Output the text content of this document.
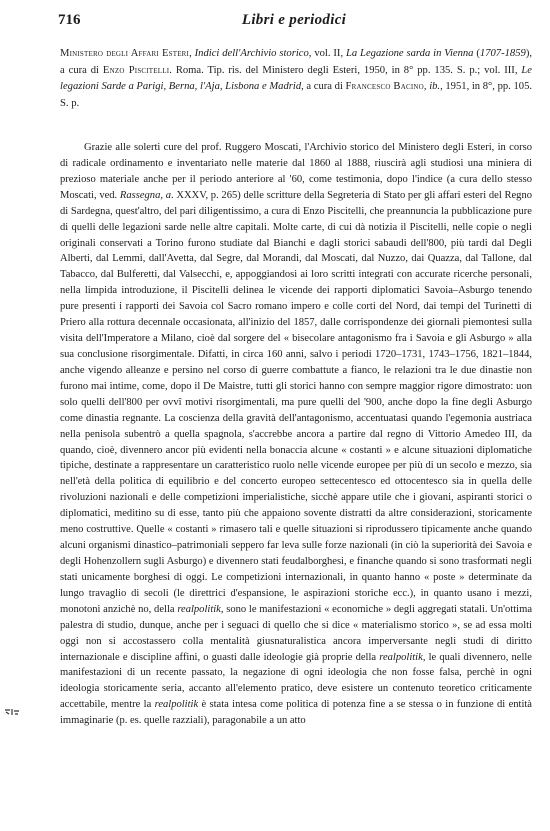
716	Libri e periodici
Ministero degli Affari Esteri, Indici dell'Archivio storico, vol. II, La Legazione sarda in Vienna (1707-1859), a cura di Enzo Piscitelli. Roma. Tip. ris. del Ministero degli Esteri, 1950, in 8° pp. 135. S. p.; vol. III, Le legazioni Sarde a Parigi, Berna, l'Aja, Lisbona e Madrid, a cura di Francesco Bacino, ib., 1951, in 8°, pp. 105. S. p.

Grazie alle solerti cure del prof. Ruggero Moscati, l'Archivio storico del Ministero degli Esteri, in corso di radicale ordinamento e inventariato nelle materie dal 1860 al 1888, riuscirà agli studiosi una miniera di prezioso materiale anche per il periodo anteriore al '60, come testimonia, dopo l'indice (a cura dello stesso Moscati, ved. Rassegna, a. XXXV, p. 265) delle scritture della Segreteria di Stato per gli affari esteri del Regno di Sardegna, quest'altro, del pari diligentissimo, a cura di Enzo Piscitelli, che preannuncia la pubblicazione pure di quelli delle legazioni sarde nelle altre capitali. Molte carte, di cui dà notizia il Piscitelli, nelle copie o negli originali conservati a Torino furono studiate dal Bianchi e dagli storici sabaudi dell'800, più tardi dal Degli Alberti, dal Lemmi, dall'Avetta, dal Segre, dal Morandi, dal Moscati, dal Nuzzo, dai Quazza, dal Tallone, dal Tabacco, dal Bulferetti, dal Valsecchi, e, appoggiandosi ai loro scritti integrati con accurate ricerche personali, nella limpida introduzione, il Piscitelli delinea le vicende dei rapporti diplomatici Savoia–Asburgo tenendo pure presenti i rapporti dei Savoia col Sacro romano impero e colle corti del Nord, dai tempi del Turinetti di Priero alla rottura decennale occasionata, all'inizio del 1857, dalle corrispondenze dei giornali piemontesi sulla visita dell'Imperatore a Milano, cioè dal sorgere del « bisecolare antagonismo fra i Savoia e gli Asburgo » alla sua conclusione risorgimentale. Difatti, in circa 160 anni, salvo i periodi 1720–1731, 1743–1756, 1821–1844, anche vigendo alleanze e persino nel corso di guerre combattute a fianco, le relazioni tra le due dinastie non furono mai intime, come, dopo il De Maistre, tutti gli storici hanno con sempre maggior rigore dimostrato: uon solo quelli dell'800 per ovvî motivi risorgimentali, ma pure quelli del '900, anche dopo la fine degli Asburgo come dinastia regnante. La coscienza della gravità dell'antagonismo, accentuatasi quando l'egemonia austriaca nella penisola subentrò a quella spagnola, s'accrebbe ancora a partire dal regno di Vittorio Amedeo III, da quando, cioè, divennero ancor più evidenti nella bonaccia alcune « costanti » e alcune situazioni diplomatiche tipiche, destinate a rappresentare un caratteristico ruolo nelle vicende europee per più di un secolo e mezzo, sia nell'età della politica di equilibrio e del concerto europeo settecentesco ed ottocentesco sia in quella delle rivoluzioni nazionali e delle competizioni imperialistiche, sicchè appare utile che i giovani, aspiranti storici o diplomatici, meditino su di esse, tanto più che appaiono sovente distratti da altre considerazioni, storicamente meno costruttive. Quelle « costanti » rimasero tali e quelle situazioni si riprodussero tipicamente anche quando alcuni organismi dinastico–patrimoniali seppero far leva sulle forze nazionali (in ciò la superiorità dei Savoia e degli Hohenzollern sugli Asburgo) e divennero stati feudalborghesi, e finanche quando si sono trasformati negli stati unicamente borghesi di oggi. Le competizioni internazionali, in quanto hanno « poste » determinate da lungo travaglio di secoli (le direttrici d'espansione, le aspirazioni storiche ecc.), in quanto usano i mezzi, monotoni anzichè no, della realpolitik, sono le manifestazioni « economiche » degli aggregati statali. Un'ottima palestra di studio, dunque, anche per i seguaci di quello che si dice « materialismo storico », se ad essa molti oggi non si accostassero colla mentalità giusnaturalistica ancora imperversante negli studi di diritto internazionale e discipline affini, o guasti dalle ideologie già proprie della realpolitik, le quali divennero, nelle manifestazioni di un recente passato, la negazione di ogni ideologia che non fosse falsa, perchè in ogni ideologia storicamente seria, accanto all'elemento pratico, deve esistere un contenuto teoretico criticamente accettabile, mentre la realpolitik è stata intesa come politica di potenza fine a se stessa o in funzione di entità immaginarie (p. es. quelle razziali), paragonabile a un atto
